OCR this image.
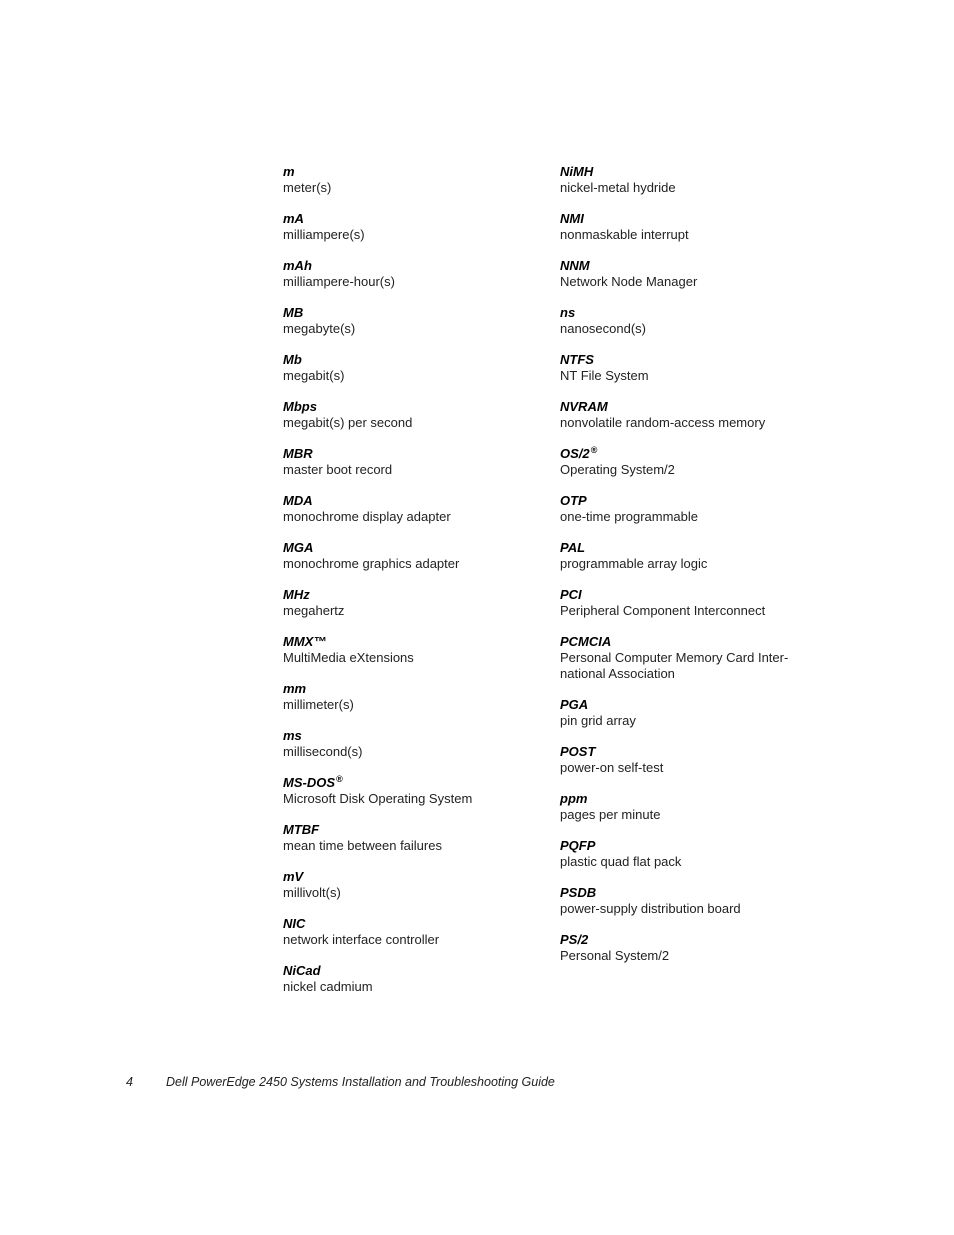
m
meter(s)
mA
milliampere(s)
mAh
milliampere-hour(s)
MB
megabyte(s)
Mb
megabit(s)
Mbps
megabit(s) per second
MBR
master boot record
MDA
monochrome display adapter
MGA
monochrome graphics adapter
MHz
megahertz
MMX™
MultiMedia eXtensions
mm
millimeter(s)
ms
millisecond(s)
MS-DOS®
Microsoft Disk Operating System
MTBF
mean time between failures
mV
millivolt(s)
NIC
network interface controller
NiCad
nickel cadmium
NiMH
nickel-metal hydride
NMI
nonmaskable interrupt
NNM
Network Node Manager
ns
nanosecond(s)
NTFS
NT File System
NVRAM
nonvolatile random-access memory
OS/2®
Operating System/2
OTP
one-time programmable
PAL
programmable array logic
PCI
Peripheral Component Interconnect
PCMCIA
Personal Computer Memory Card Inter-
national Association
PGA
pin grid array
POST
power-on self-test
ppm
pages per minute
PQFP
plastic quad flat pack
PSDB
power-supply distribution board
PS/2
Personal System/2
4	Dell PowerEdge 2450 Systems Installation and Troubleshooting Guide
